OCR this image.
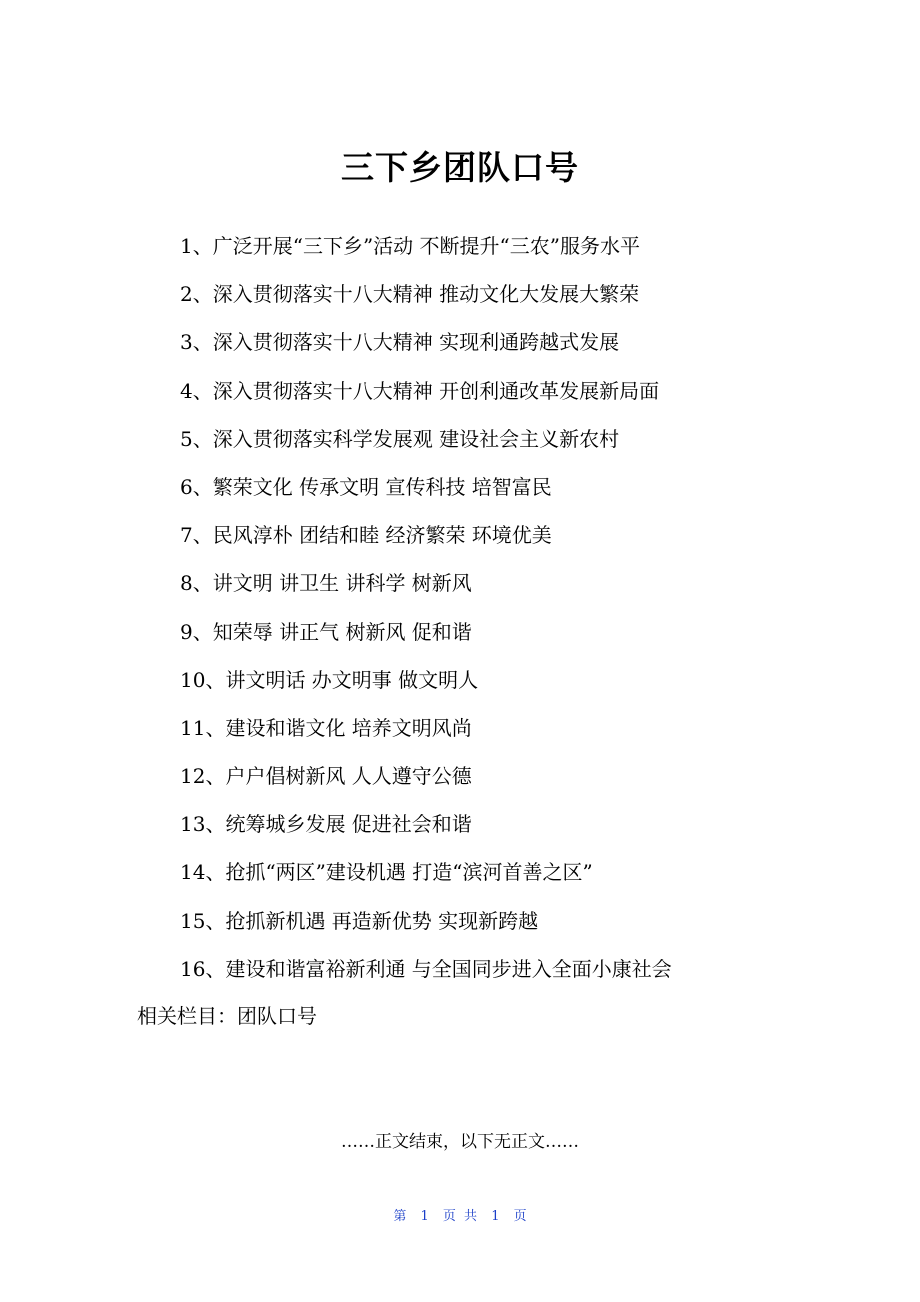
三下乡团队口号
1、广泛开展“三下乡”活动 不断提升“三农”服务水平
2、深入贯彻落实十八大精神 推动文化大发展大繁荣
3、深入贯彻落实十八大精神 实现利通跨越式发展
4、深入贯彻落实十八大精神 开创利通改革发展新局面
5、深入贯彻落实科学发展观 建设社会主义新农村
6、繁荣文化 传承文明 宣传科技 培智富民
7、民风淳朴 团结和睦 经济繁荣 环境优美
8、讲文明 讲卫生 讲科学 树新风
9、知荣辱 讲正气 树新风 促和谐
10、讲文明话 办文明事 做文明人
11、建设和谐文化 培养文明风尚
12、户户倡树新风 人人遵守公德
13、统筹城乡发展 促进社会和谐
14、抢抓“两区”建设机遇 打造“滨河首善之区”
15、抢抓新机遇 再造新优势 实现新跨越
16、建设和谐富裕新利通 与全国同步进入全面小康社会
相关栏目：团队口号
……正文结束，以下无正文……
第 1 页 共 1 页
